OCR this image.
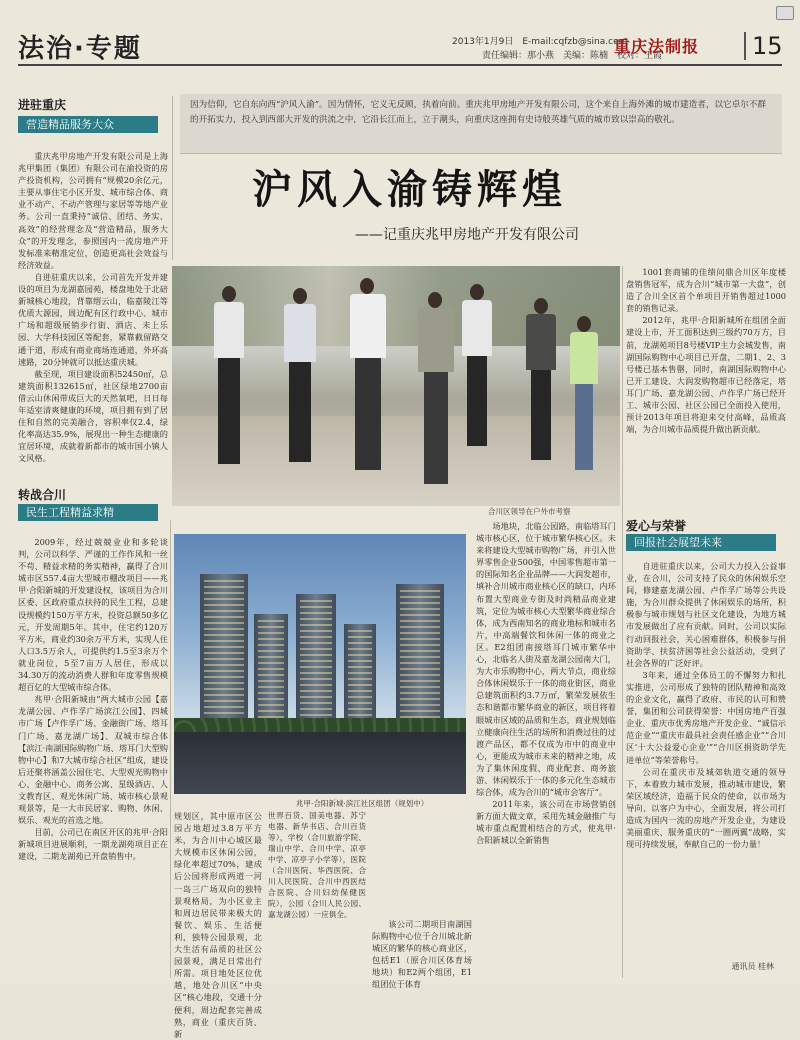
法治·专题	2013年1月9日　E-mail:cqfzb@sina.com
责任编辑：那小燕　美编：陈楠　校对：王霞
重庆法制报	15
进驻重庆
营造精品服务大众

重庆兆甲房地产开发有限公司是上海兆甲集团（集团）有限公司在渝投资的房产投资机构，公司拥有“规模20余亿元，主要从事住宅小区开发、城市综合体、商业不动产、不动产管理与家居等等地产业务。公司一直秉持“诚信、团结、务实、高效”的经营理念及“营造精品，服务大众”的开发理念，参照国内一流房地产开发标准来精准定位，创造更高社会效益与经济效益。

自进驻重庆以来，公司首先开发并建设的项目为龙湖嘉园苑，楼盘地处于北碚新城核心地段，背靠缙云山，临嘉陵江等优质大源园，周边配有区行政中心、城市广场和超级展销步行街、酒店、未上乐园、大学科技园区等配套，紧靠截留路交通干道，形成有商业商场连通道，外环高速路，20分钟就可以抵达重庆城。

截至现，项目建设面积52450㎡，总建筑面积132615㎡，社区绿地2700亩借云山休闲带成巨大的天然氧吧，日日每年适室清爽健康的环境，项目拥有到了居住和自然的完美融合，容积率仅2.4，绿化率高达35.9%，展现出一种生态健康的宜居环境，成就着新都市的城市国小镇人文风格。

因为信仰，它自东向西“沪风入渝”。因为情怀，它义无反顾，执着向前。重庆兆甲房地产开发有限公司，这个来自上海外滩的城市建造者，以它卓尔不群的开拓实力，投入到西部大开发的洪流之中，它沿长江而上，立于潮头，向重庆这座拥有史诗般英雄气质的城市致以崇高的敬礼。
沪风入渝铸辉煌
——记重庆兆甲房地产开发有限公司
合川区领导在户外市考察
转战合川
民生工程精益求精

2009年，经过兢兢业业和多轮谈判，公司以科学、严谨的工作作风和一丝不苟、精益求精的务实精神，赢得了合川城市区557.4亩大型城市棚改项目——兆甲·合阳新城的开发建设权，该项目为合川区委、区政府重点扶持的民生工程，总建设规模约150万平方米，投资总额50多亿元，开发周期5年。其中，住宅约120万平方米，商业约30余万平方米，实现人住人口3.5万余人，可提供约1.5至3余万个就业岗位，5至7亩万人居住，形成以34.30万的流动消费人群和年度零售规模超百亿的大型城市综合体。

兆甲·合阳新城由“两大城市公园【嘉龙湖公园、卢作孚广场滨江公园】、四城市广场【卢作孚广场、金融街广场、塔耳门广场、嘉龙湖广场】、双城市综合体【滨江·南湖国际购物广场、塔耳门大型购物中心】和7大城市综合社区”组成，建设后还聚将涵盖公园住宅、大型观光购物中心、金融中心、商务公寓、星级酒店、人文教育区、观光休闲广场、城市核心景观观景等，是一大市民居家、购物、休闲、娱乐、观光的首选之地。

目前，公司已在南区开区的兆甲·合阳新城项目进展顺利，一期龙湖苑项目正在建设，二期龙湖苑已开盘销售中。

兆甲·合阳新城·滨江社区组团（规划中）
规划区，其中原市区公园占地超过3.8万平方米，为合川中心城区最大规模市区休闲公园，绿化率超过70%，建成后公园将形成两道一河一岛三广场双向的独特景观格局，为小区业主和周边居民带来极大的餐饮、娱乐、生活便利，独特公园景观，北大生活有品质的社区公园景观，满足日常出行所需。项目地处区位优越，地处合川区“中央区”核心地段，交通十分便利，周边配套完善成熟，商业（重庆百货、新
世界百货、国美电器、苏宁电器、新华书店、合川百货等），学校（合川旅游学院、瑞山中学、合川中学、凉亭中学、凉亭子小学等），医院（合川医院、华西医院、合川人民医院、合川中西医结合医院、合川妇幼保健医院），公园（合川人民公园、嘉龙湖公园）一应俱全。

该公司二期项目南湖国际购物中心位于合川城北新城区的繁华的核心商业区，包括E1（原合川区体育场地块）和E2两个组团，E1组团位于体育

场地块，北临公园路，南临塔耳门城市核心区，位于城市繁华核心区。未来将建设大型城市购物广场，并引入世界零售企业500强，中国零售超市第一的国际知名企业品牌——大润发超市，填补合川城市商业核心区的缺口，内环布置大型商业专街及时尚精品商业建筑，定位为城市核心大型繁华商业综合体，成为西南知名的商业地标和城市名片，中高端餐饮和休闲一体的商业之区。E2组团南接塔耳门城市繁华中心，北临名人街及嘉龙湖公园南大门，为大市乐购物中心，两大节点，商业综合体休闲娱乐于一体的商业街区，商业总建筑面积约3.7万㎡，繁荣发展依生态和谐都市繁华商业的新区，项目将着眼城市区域的品质和生态，商业规划临立健康向往生活的场所和消费过往的过渡产品区，都不仅成为市中的商业中心，更能成为城市未来的精神之地，成为了集休闲度假、商业配套、商务旅游、休闲娱乐于一体的多元化生态城市综合体，成为合川的“城市会客厅”。

2011年来，该公司在市场营销创新方面大做文章，采用先城金融推广与城市重点配置相结合的方式，使兆甲·合阳新城以全新销售

1001套商铺的佳绩问鼎合川区年度楼盘销售冠军，成为合川“城市第一大盘”，创造了合川全区首个单项目开销售超过1000套的销售记录。

2012年，兆甲·合阳新城所在组团全面建设上市，开工面积达到三级约70万方，目前，龙湖苑项目8号楼VIP主力会城发售，南湖国际购物中心项目已开盘，二期1、2、3号楼已基本售罄，同时，南湖国际购物中心已开工建设、大润发购物超市已经落定，塔耳门广场、嘉龙湖公园、卢作孚广场已经开工、城市公园、社区公园已全面投入使用，预计2013年项目将迎来交付高峰，品质高端，为合川城市品质提升做出新贡献。

爱心与荣誉
回报社会展望未来

自进驻重庆以来，公司大力投入公益事业，在合川，公司支持了民众的休闲娱乐空间，修建嘉龙湖公园、卢作孚广场等公共设施，为合川群众提供了休闲娱乐的场所，积极参与城市规划与社区文化建设，为地方城市发展做出了应有贡献。同时，公司以实际行动回报社会，关心困难群体，积极参与捐资助学、扶贫济困等社会公益活动，受到了社会各界的广泛好评。

3年来，通过全体员工的不懈努力和扎实推进，公司形成了独特的团队精神和高效的企业文化，赢得了政府、市民的认可和赞誉，集团和公司获得荣誉：中国房地产百强企业、重庆市优秀房地产开发企业、“诚信示范企业”“重庆市最具社会责任感企业”“合川区‘十大公益爱心企业’”“合川区捐资助学先进单位”等荣誉称号。

公司在重庆市及城郊轨道交通的领导下，本着致力城市发展，推动城市建设，繁荣区域经济，造福于民众的使命，以市场为导向、以客户为中心，全面发展，将公司打造成为国内一流的房地产开发企业，为建设美丽重庆、服务重庆的“一圈两翼”战略，实现可持续发展，奉献自己的一份力量！

通讯员 桂林
